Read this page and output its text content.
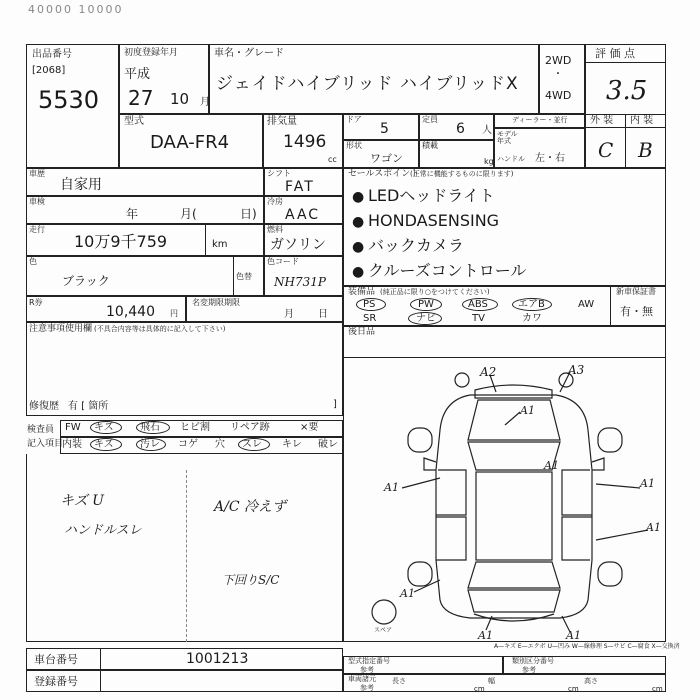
40000 10000
出品番号
[2068]
5530
初度登録年月
平成
27 10 月
車名・グレード
ジェイドハイブリッド ハイブリッドX
2WD
・
4WD
評 価 点
3.5
外 装 内 装
C B
型式
DAA-FR4
排気量
1496
cc
ドア
5
定員
6 人
形状
ワゴン
積載
kg
ディーラー・並行
モデル年式
ハンドル 左・右
車歴
自家用
車検
年	月(	日)
走行
10万9千759	km
色
ブラック	色替
シフト
FAT
冷房
AAC
燃料
ガソリン
色コード
NH731P
R券
10,440 円
名変期限期限
月 日
注意事項使用欄 (不具合内容等は具体的に記入して下さい)
修復歴 有 [ 箇所	]
検査員
記入項目
FW キズ	飛石 ヒビ割 リペア跡	×要
内装 キズ	汚レ コゲ 穴 スレ キレ 破レ
キズ U
ハンドルスレ
A/C 冷えず
下回りS/C
セールスポイント
(正常に機能するものに限ります)
● LEDヘッドライト
● HONDASENSING
● バックカメラ
● クルーズコントロール
装備品 (純正品に限り○をつけてください)
PS	PW	ABS	エアB	AW
SR	ナビ	TV	カワ
新車保証書
有・無
後日品
A2	A3
A1
A1	A1
A1
A1
A1	A1
A1
スペア
A—キズ E—エクボ U—凹み W—線修理 S—サビ C—腐食 X—交換済
車台番号	1001213
登録番号
型式指定番号
参考
類別区分番号
参考
車両諸元
参考
長さ
cm
幅
cm
高さ
cm
